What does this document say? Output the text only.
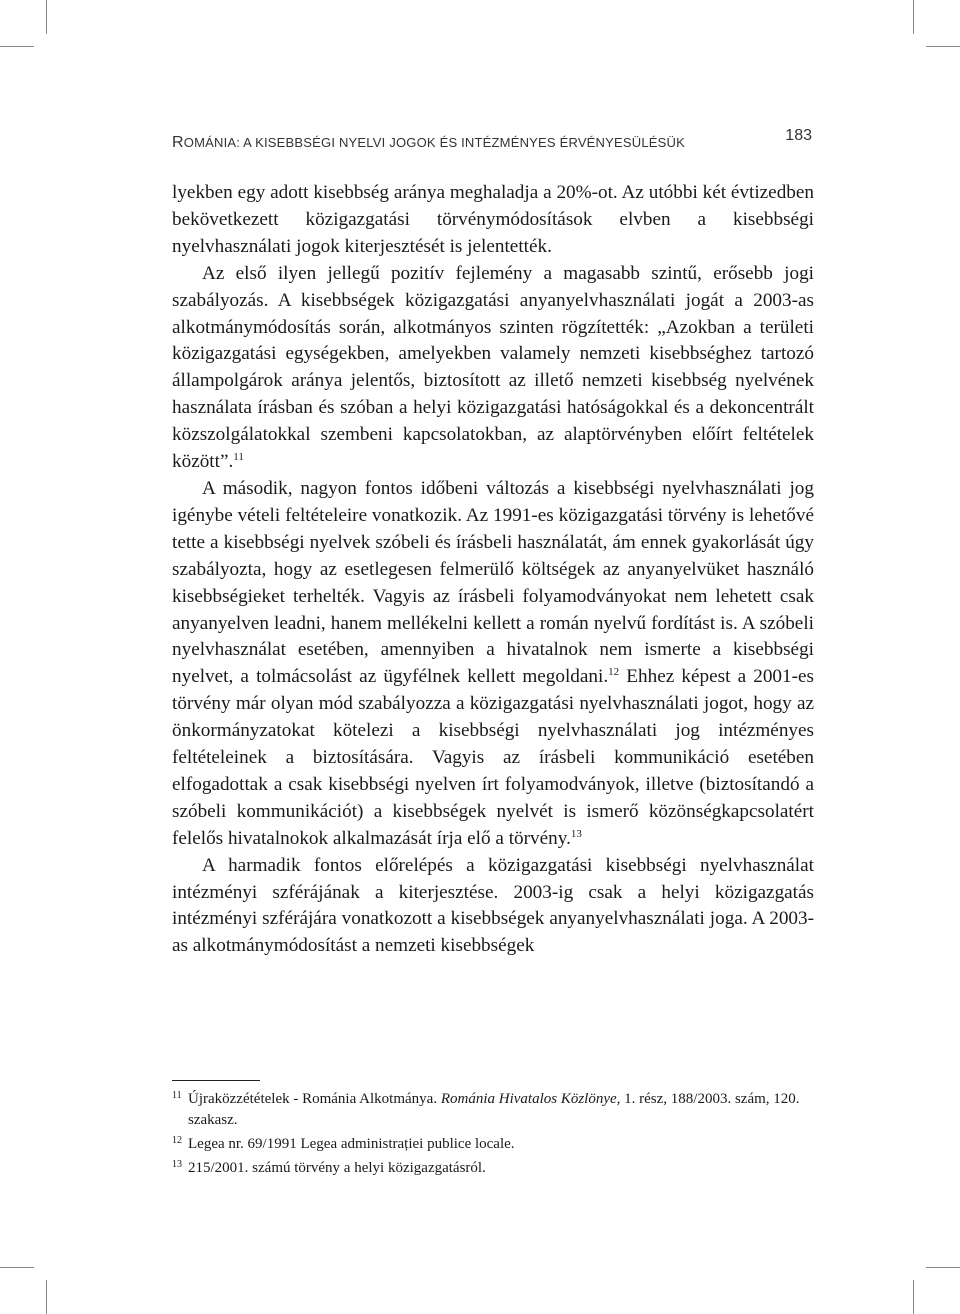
ROMÁNIA: A KISEBBSÉGI NYELVI JOGOK ÉS INTÉZMÉNYES ÉRVÉNYESÜLÉSÜK	183

lyekben egy adott kisebbség aránya meghaladja a 20%-ot. Az utóbbi két évtizedben bekövetkezett közigazgatási törvénymódosítások elvben a kisebbségi nyelvhasználati jogok kiterjesztését is jelentették.

Az első ilyen jellegű pozitív fejlemény a magasabb szintű, erősebb jogi szabályozás. A kisebbségek közigazgatási anyanyelvhasználati jogát a 2003-as alkotmánymódosítás során, alkotmányos szinten rögzítették: „Azokban a területi közigazgatási egységekben, amelyekben valamely nemzeti kisebbséghez tartozó állampolgárok aránya jelentős, biztosított az illető nemzeti kisebbség nyelvének használata írásban és szóban a helyi közigazgatási hatóságokkal és a dekoncentrált közszolgálatokkal szembeni kapcsolatokban, az alaptörvényben előírt feltételek között”.$^{11}$

A második, nagyon fontos időbeni változás a kisebbségi nyelvhasználati jog igénybe vételi feltételeire vonatkozik. Az 1991-es közigazgatási törvény is lehetővé tette a kisebbségi nyelvek szóbeli és írásbeli használatát, ám ennek gyakorlását úgy szabályozta, hogy az esetlegesen felmerülő költségek az anyanyelvüket használó kisebbségieket terhelték. Vagyis az írásbeli folyamodványokat nem lehetett csak anyanyelven leadni, hanem mellékelni kellett a román nyelvű fordítást is. A szóbeli nyelvhasználat esetében, amennyiben a hivatalnok nem ismerte a kisebbségi nyelvet, a tolmácsolást az ügyfélnek kellett megoldani.$^{12}$ Ehhez képest a 2001-es törvény már olyan mód szabályozza a közigazgatási nyelvhasználati jogot, hogy az önkormányzatokat kötelezi a kisebbségi nyelvhasználati jog intézményes feltételeinek a biztosítására. Vagyis az írásbeli kommunikáció esetében elfogadottak a csak kisebbségi nyelven írt folyamodványok, illetve (biztosítandó a szóbeli kommunikációt) a kisebbségek nyelvét is ismerő közönségkapcsolatért felelős hivatalnokok alkalmazását írja elő a törvény.$^{13}$

A harmadik fontos előrelépés a közigazgatási kisebbségi nyelvhasználat intézményi szférájának a kiterjesztése. 2003-ig csak a helyi közigazgatás intézményi szférájára vonatkozott a kisebbségek anyanyelvhasználati joga. A 2003-as alkotmánymódosítást a nemzeti kisebbségek

11 Újraközzétételek - Románia Alkotmánya. Románia Hivatalos Közlönye, 1. rész, 188/2003. szám, 120. szakasz.
12 Legea nr. 69/1991 Legea administrației publice locale.
13 215/2001. számú törvény a helyi közigazgatásról.
